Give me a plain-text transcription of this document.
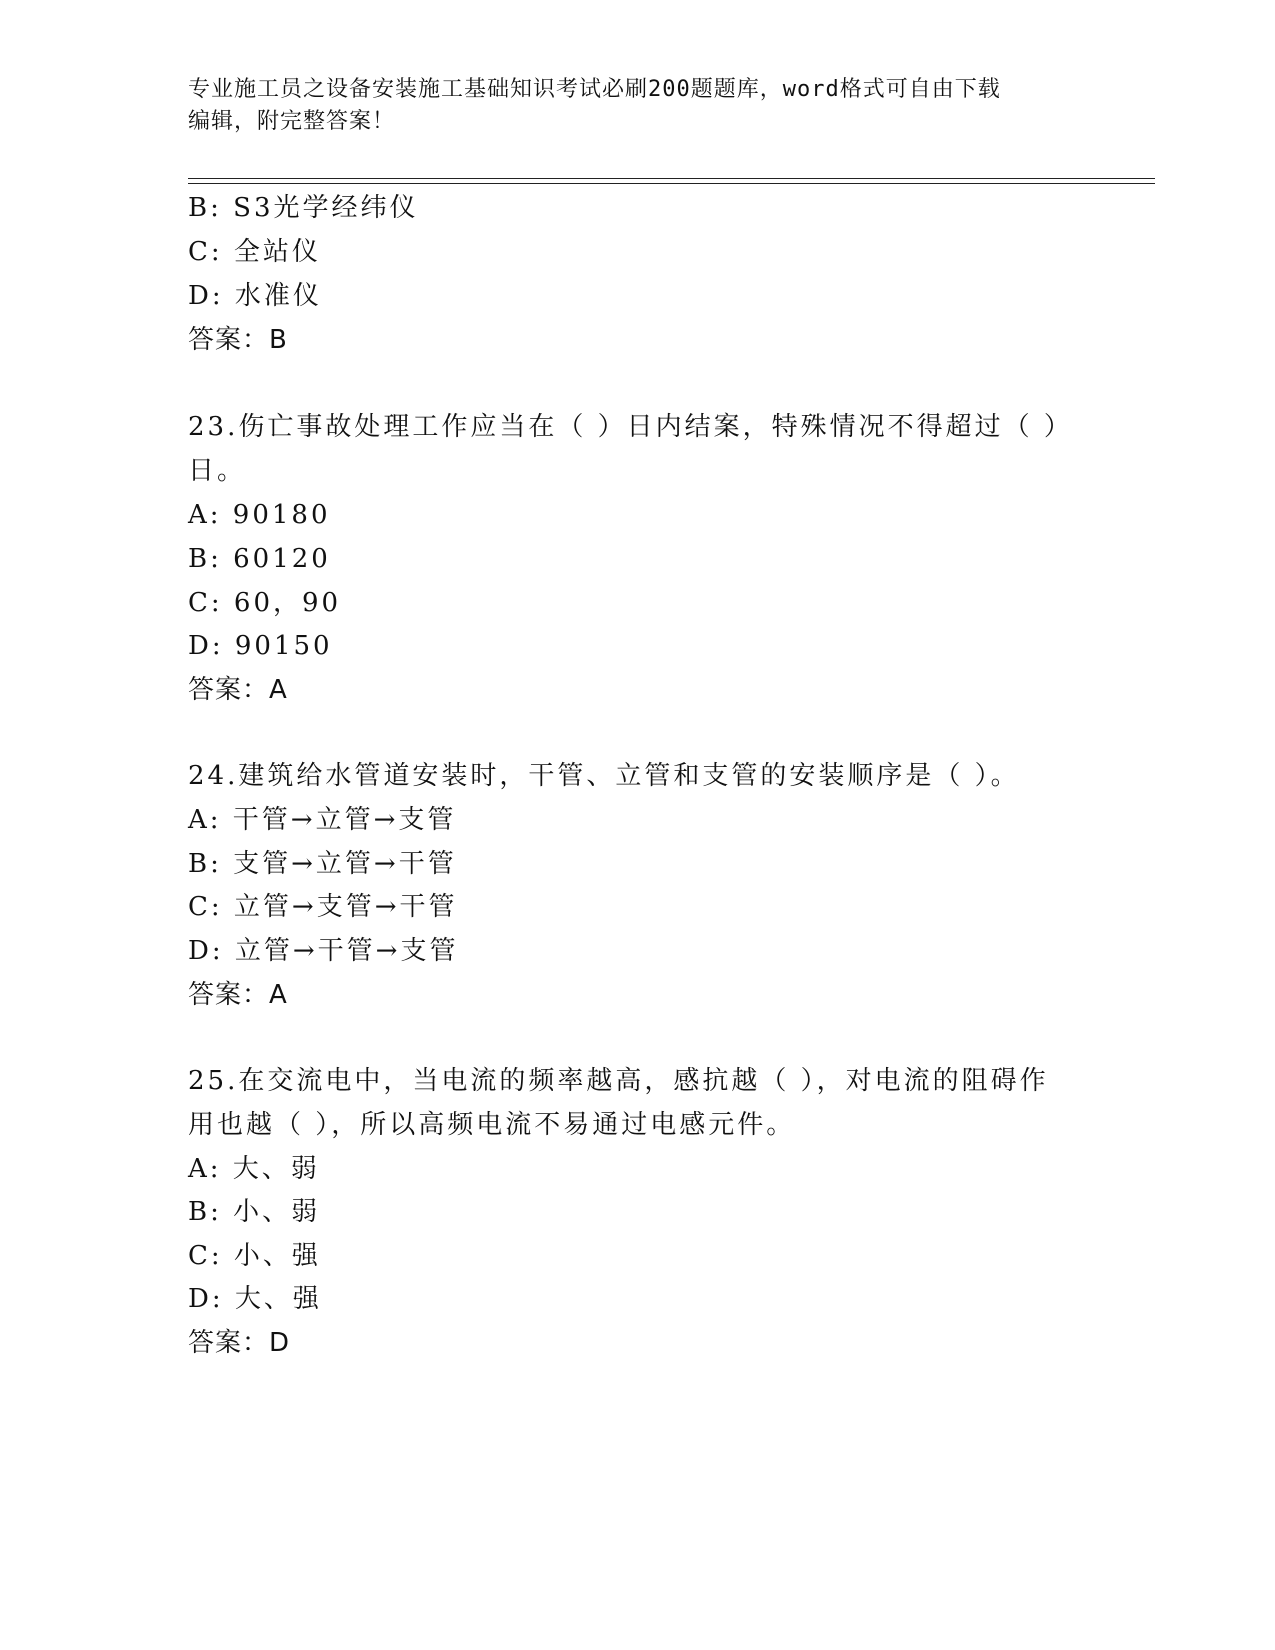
专业施工员之设备安装施工基础知识考试必刷200题题库，word格式可自由下载
编辑，附完整答案！
B: S3光学经纬仪
C: 全站仪
D: 水准仪
答案：B
23.伤亡事故处理工作应当在（ ）日内结案，特殊情况不得超过（ ）
日。
A: 90180
B: 60120
C: 60，90
D: 90150
答案：A
24.建筑给水管道安装时，干管、立管和支管的安装顺序是（ ）。
A: 干管→立管→支管
B: 支管→立管→干管
C: 立管→支管→干管
D: 立管→干管→支管
答案：A
25.在交流电中，当电流的频率越高，感抗越（ ），对电流的阻碍作
用也越（ ），所以高频电流不易通过电感元件。
A: 大、弱
B: 小、弱
C: 小、强
D: 大、强
答案：D
